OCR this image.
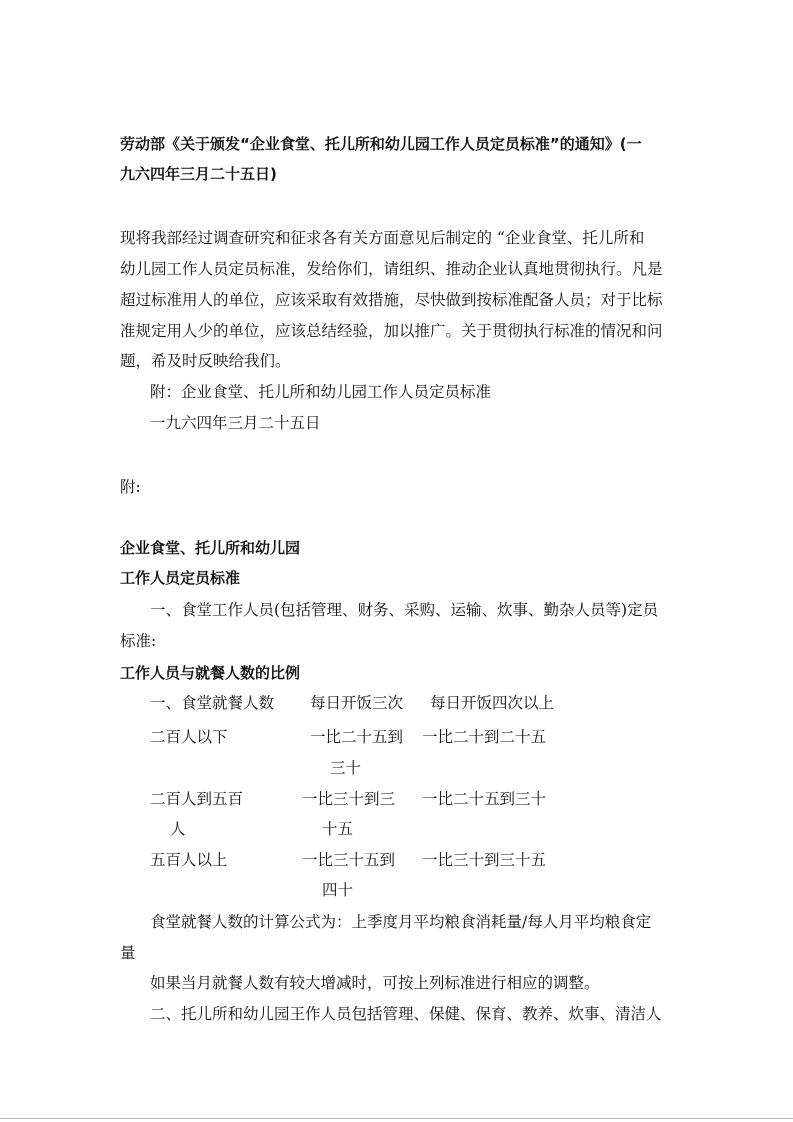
劳动部《关于颁发“企业食堂、托儿所和幼儿园工作人员定员标准”的通知》(一
九六四年三月二十五日)
现将我部经过调查研究和征求各有关方面意见后制定的 “企业食堂、托儿所和
幼儿园工作人员定员标准，发给你们，请组织、推动企业认真地贯彻执行。凡是
超过标准用人的单位，应该采取有效措施，尽快做到按标准配备人员；对于比标
准规定用人少的单位，应该总结经验，加以推广。关于贯彻执行标准的情况和问
题，希及时反映给我们。
附：企业食堂、托儿所和幼儿园工作人员定员标准
一九六四年三月二十五日
附:
企业食堂、托儿所和幼儿园
工作人员定员标准
一、食堂工作人员(包括管理、财务、采购、运输、炊事、勤杂人员等)定员
标准:
工作人员与就餐人数的比例
一、食堂就餐人数 每日开饭三次 每日开饭四次以上
二百人以下	一比二十五到
三十
一比二十到二十五
二百人到五百
人
一比三十到三
十五
一比二十五到三十
五百人以上	一比三十五到
四十
一比三十到三十五
食堂就餐人数的计算公式为：上季度月平均粮食消耗量/每人月平均粮食定
量
如果当月就餐人数有较大增减时，可按上列标准进行相应的调整。
二、托儿所和幼儿园王作人员包括管理、保健、保育、教养、炊事、清洁人
